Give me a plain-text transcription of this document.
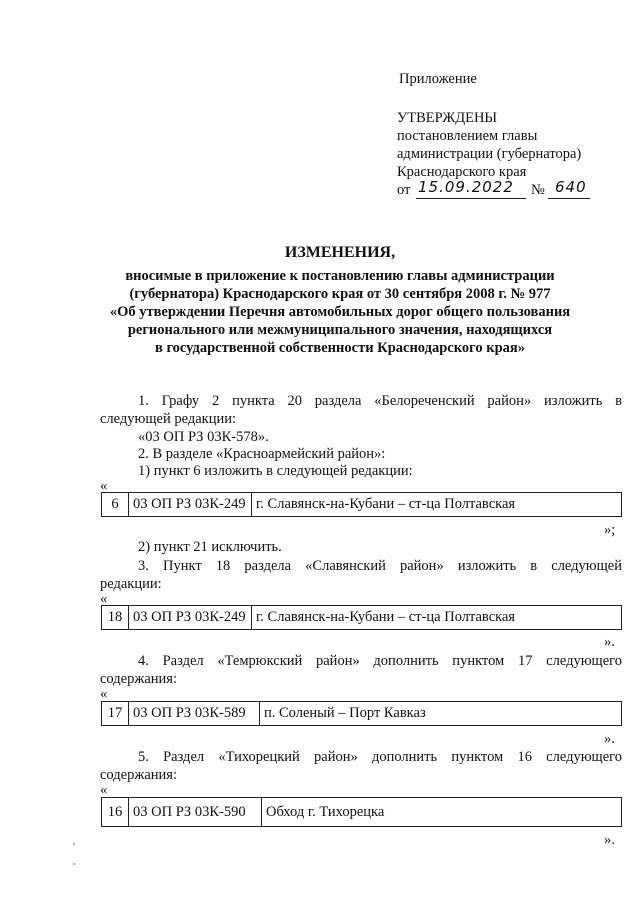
Приложение
УТВЕРЖДЕНЫ
постановлением главы
администрации (губернатора)
Краснодарского края
от 15.09.2022 № 640
ИЗМЕНЕНИЯ,
вносимые в приложение к постановлению главы администрации
(губернатора) Краснодарского края от 30 сентября 2008 г. № 977
«Об утверждении Перечня автомобильных дорог общего пользования
регионального или межмуниципального значения, находящихся
в государственной собственности Краснодарского края»
1. Графу 2 пункта 20 раздела «Белореченский район» изложить в
следующей редакции:
«03 ОП РЗ 03К-578».
2. В разделе «Красноармейский район»:
1) пункт 6 изложить в следующей редакции:
«
6	03 ОП РЗ 03К-249	г. Славянск-на-Кубани – ст-ца Полтавская
»;
2) пункт 21 исключить.
3. Пункт 18 раздела «Славянский район» изложить в следующей
редакции:
«
18	03 ОП РЗ 03К-249	г. Славянск-на-Кубани – ст-ца Полтавская
».
4. Раздел «Темрюкский район» дополнить пунктом 17 следующего
содержания:
«
17	03 ОП РЗ 03К-589	п. Соленый – Порт Кавказ
».
5. Раздел «Тихорецкий район» дополнить пунктом 16 следующего
содержания:
«
16	03 ОП РЗ 03К-590	Обход г. Тихорецка
».
